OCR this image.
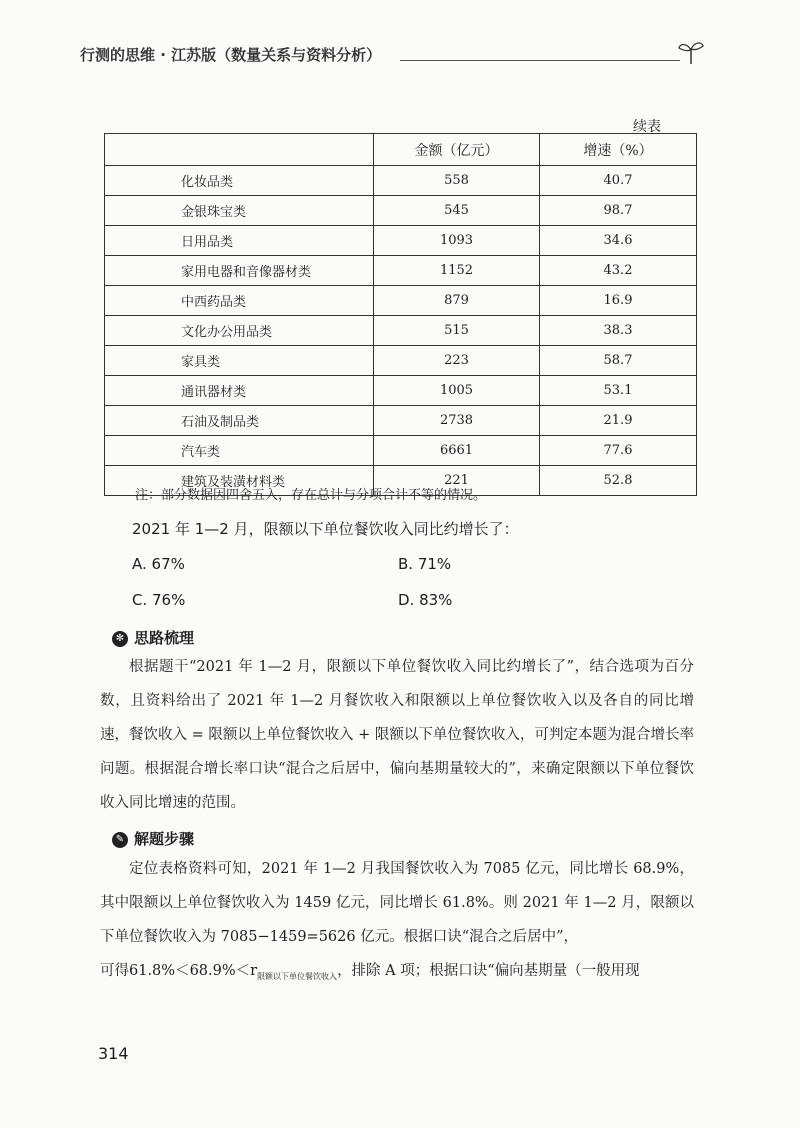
行测的思维 · 江苏版（数量关系与资料分析）
续表
	金额（亿元）	增速（%）
化妆品类	558	40.7
金银珠宝类	545	98.7
日用品类	1093	34.6
家用电器和音像器材类	1152	43.2
中西药品类	879	16.9
文化办公用品类	515	38.3
家具类	223	58.7
通讯器材类	1005	53.1
石油及制品类	2738	21.9
汽车类	6661	77.6
建筑及装潢材料类	221	52.8
注：部分数据因四舍五入，存在总计与分项合计不等的情况。
2021 年 1—2 月，限额以下单位餐饮收入同比约增长了：
A. 67%	B. 71%
C. 76%	D. 83%
✻ 思路梳理
根据题干“2021 年 1—2 月，限额以下单位餐饮收入同比约增长了”，结合选项为百分数，且资料给出了 2021 年 1—2 月餐饮收入和限额以上单位餐饮收入以及各自的同比增速，餐饮收入 = 限额以上单位餐饮收入 + 限额以下单位餐饮收入，可判定本题为混合增长率问题。根据混合增长率口诀“混合之后居中，偏向基期量较大的”，来确定限额以下单位餐饮收入同比增速的范围。
✎ 解题步骤
定位表格资料可知，2021 年 1—2 月我国餐饮收入为 7085 亿元，同比增长 68.9%，其中限额以上单位餐饮收入为 1459 亿元，同比增长 61.8%。则 2021 年 1—2 月，限额以下单位餐饮收入为 7085−1459=5626 亿元。根据口诀“混合之后居中”，
可得$61.8\%<68.9\%<r_{限额以下单位餐饮收入}$，排除 A 项；根据口诀“偏向基期量（一般用现
314
